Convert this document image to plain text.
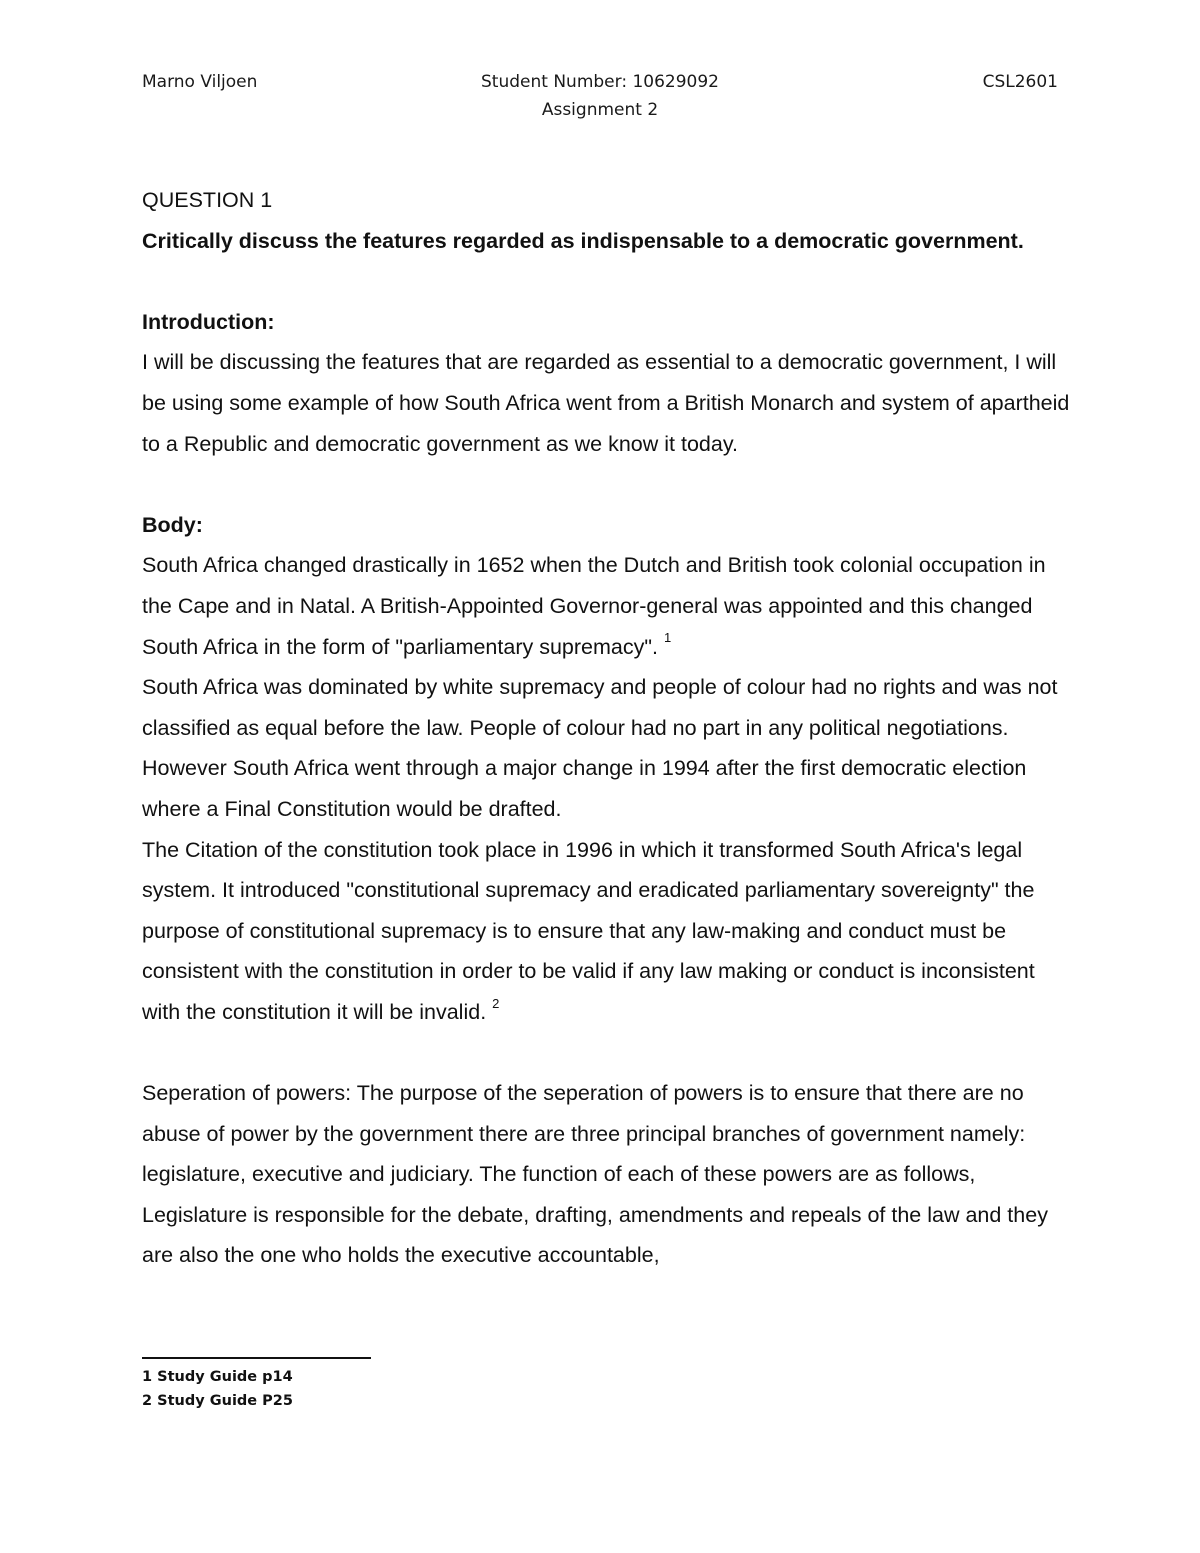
Marno Viljoen	Student Number: 10629092	CSL2601
Assignment 2

QUESTION 1

Critically discuss the features regarded as indispensable to a democratic government.

Introduction:

I will be discussing the features that are regarded as essential to a democratic government, I will be using some example of how South Africa went from a British Monarch and system of apartheid to a Republic and democratic government as we know it today.

Body:

South Africa changed drastically in 1652 when the Dutch and British took colonial occupation in the Cape and in Natal. A British-Appointed Governor-general was appointed and this changed South Africa in the form of "parliamentary supremacy". $^1$

South Africa was dominated by white supremacy and people of colour had no rights and was not classified as equal before the law. People of colour had no part in any political negotiations. However South Africa went through a major change in 1994 after the first democratic election where a Final Constitution would be drafted.

The Citation of the constitution took place in 1996 in which it transformed South Africa's legal system. It introduced "constitutional supremacy and eradicated parliamentary sovereignty" the purpose of constitutional supremacy is to ensure that any law-making and conduct must be consistent with the constitution in order to be valid if any law making or conduct is inconsistent with the constitution it will be invalid. $^2$

Seperation of powers: The purpose of the seperation of powers is to ensure that there are no abuse of power by the government there are three principal branches of government namely: legislature, executive and judiciary. The function of each of these powers are as follows, Legislature is responsible for the debate, drafting, amendments and repeals of the law and they are also the one who holds the executive accountable,

1 Study Guide p14
2 Study Guide P25
